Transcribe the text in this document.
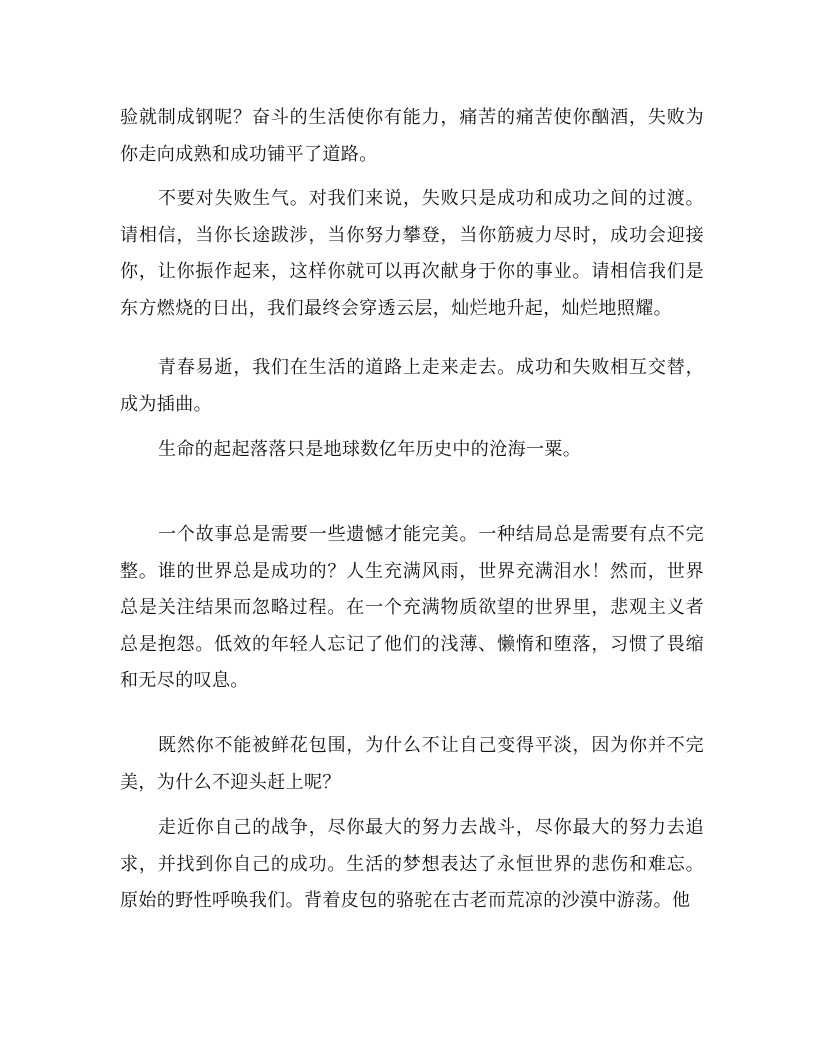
验就制成钢呢？奋斗的生活使你有能力，痛苦的痛苦使你酗酒，失败为你走向成熟和成功铺平了道路。

不要对失败生气。对我们来说，失败只是成功和成功之间的过渡。请相信，当你长途跋涉，当你努力攀登，当你筋疲力尽时，成功会迎接你，让你振作起来，这样你就可以再次献身于你的事业。请相信我们是东方燃烧的日出，我们最终会穿透云层，灿烂地升起，灿烂地照耀。

青春易逝，我们在生活的道路上走来走去。成功和失败相互交替，成为插曲。

生命的起起落落只是地球数亿年历史中的沧海一粟。

一个故事总是需要一些遗憾才能完美。一种结局总是需要有点不完整。谁的世界总是成功的？人生充满风雨，世界充满泪水！然而，世界总是关注结果而忽略过程。在一个充满物质欲望的世界里，悲观主义者总是抱怨。低效的年轻人忘记了他们的浅薄、懒惰和堕落，习惯了畏缩和无尽的叹息。

既然你不能被鲜花包围，为什么不让自己变得平淡，因为你并不完美，为什么不迎头赶上呢？

走近你自己的战争，尽你最大的努力去战斗，尽你最大的努力去追求，并找到你自己的成功。生活的梦想表达了永恒世界的悲伤和难忘。原始的野性呼唤我们。背着皮包的骆驼在古老而荒凉的沙漠中游荡。他
